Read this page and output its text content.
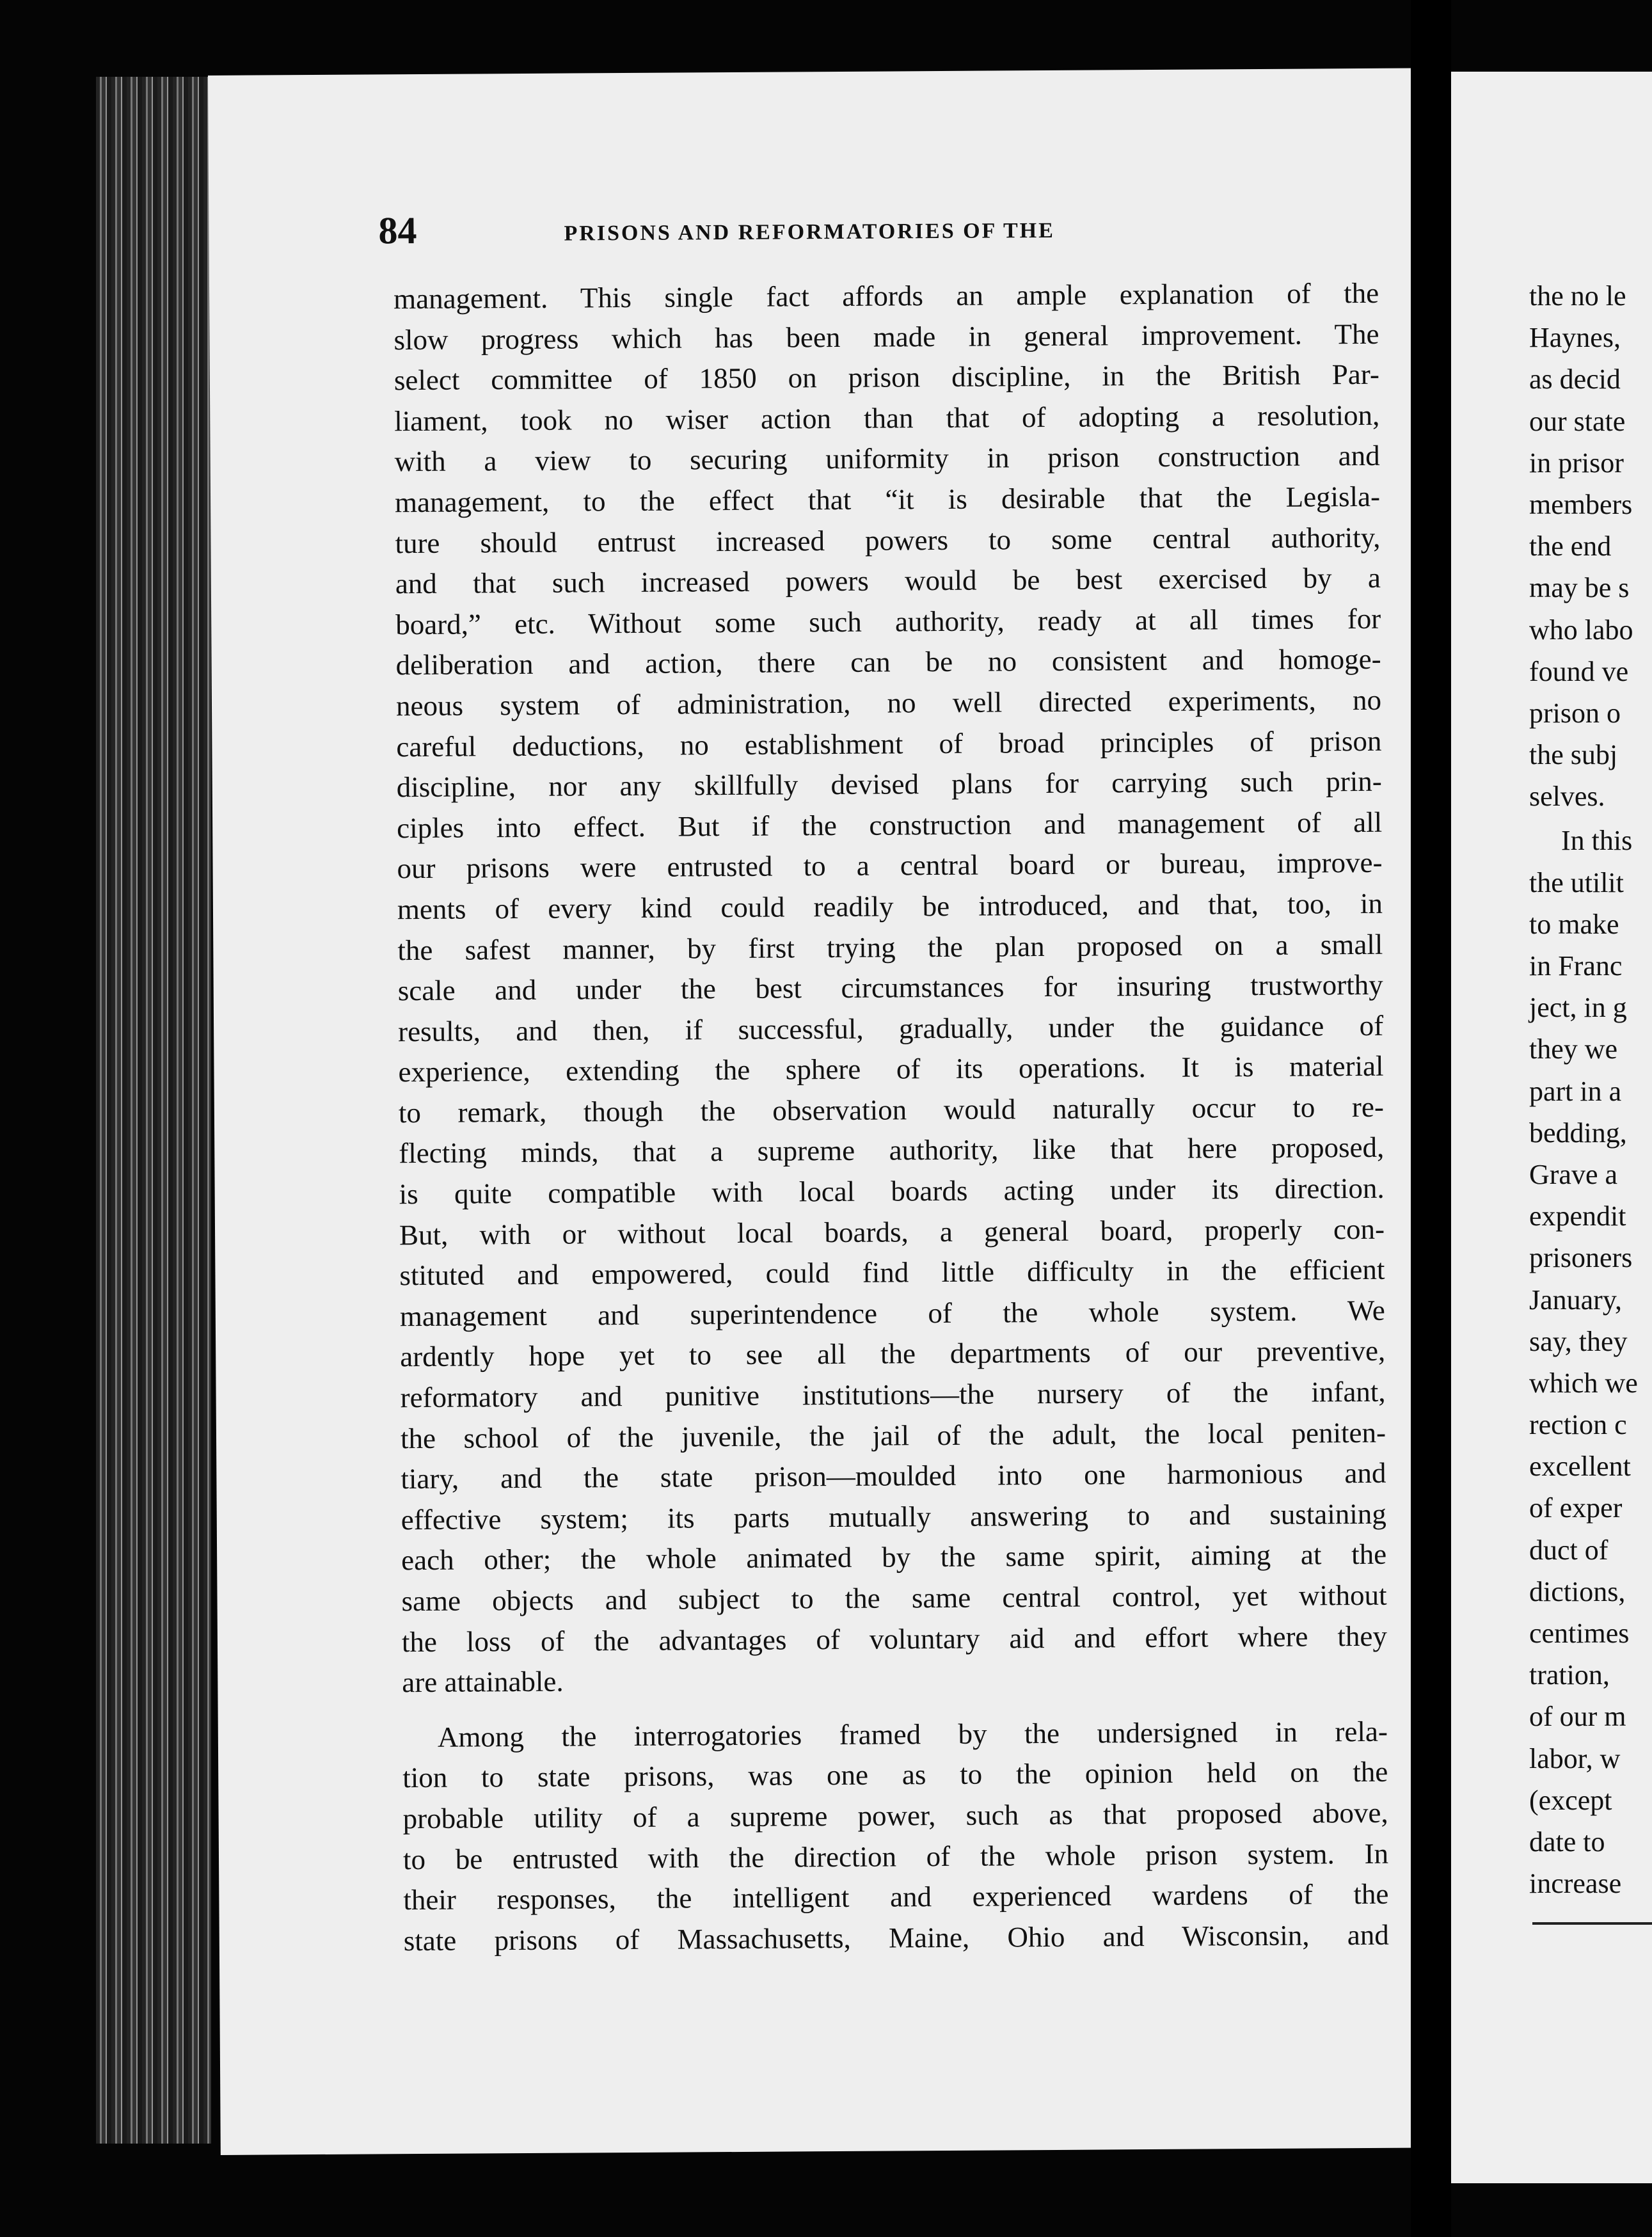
84	PRISONS AND REFORMATORIES OF THE
management. This single fact affords an ample explanation of the
slow progress which has been made in general improvement. The
select committee of 1850 on prison discipline, in the British Par-
liament, took no wiser action than that of adopting a resolution,
with a view to securing uniformity in prison construction and
management, to the effect that “it is desirable that the Legisla-
ture should entrust increased powers to some central authority,
and that such increased powers would be best exercised by a
board,” etc. Without some such authority, ready at all times for
deliberation and action, there can be no consistent and homoge-
neous system of administration, no well directed experiments, no
careful deductions, no establishment of broad principles of prison
discipline, nor any skillfully devised plans for carrying such prin-
ciples into effect. But if the construction and management of all
our prisons were entrusted to a central board or bureau, improve-
ments of every kind could readily be introduced, and that, too, in
the safest manner, by first trying the plan proposed on a small
scale and under the best circumstances for insuring trustworthy
results, and then, if successful, gradually, under the guidance of
experience, extending the sphere of its operations. It is material
to remark, though the observation would naturally occur to re-
flecting minds, that a supreme authority, like that here proposed,
is quite compatible with local boards acting under its direction.
But, with or without local boards, a general board, properly con-
stituted and empowered, could find little difficulty in the efficient
management and superintendence of the whole system. We
ardently hope yet to see all the departments of our preventive,
reformatory and punitive institutions—the nursery of the infant,
the school of the juvenile, the jail of the adult, the local peniten-
tiary, and the state prison—moulded into one harmonious and
effective system; its parts mutually answering to and sustaining
each other; the whole animated by the same spirit, aiming at the
same objects and subject to the same central control, yet without
the loss of the advantages of voluntary aid and effort where they
are attainable.
Among the interrogatories framed by the undersigned in rela-
tion to state prisons, was one as to the opinion held on the
probable utility of a supreme power, such as that proposed above,
to be entrusted with the direction of the whole prison system. In
their responses, the intelligent and experienced wardens of the
state prisons of Massachusetts, Maine, Ohio and Wisconsin, and
the no le
Haynes,
as decid
our state
in prisor
members
the end
may be s
who labo
found ve
prison o
the subj
selves.
In this
the utilit
to make
in Franc
ject, in g
they we
part in a
bedding,
Grave a
expendit
prisoners
January,
say, they
which we
rection c
excellent
of exper
duct of
dictions,
centimes
tration,
of our m
labor, w
(except
date to
increase
